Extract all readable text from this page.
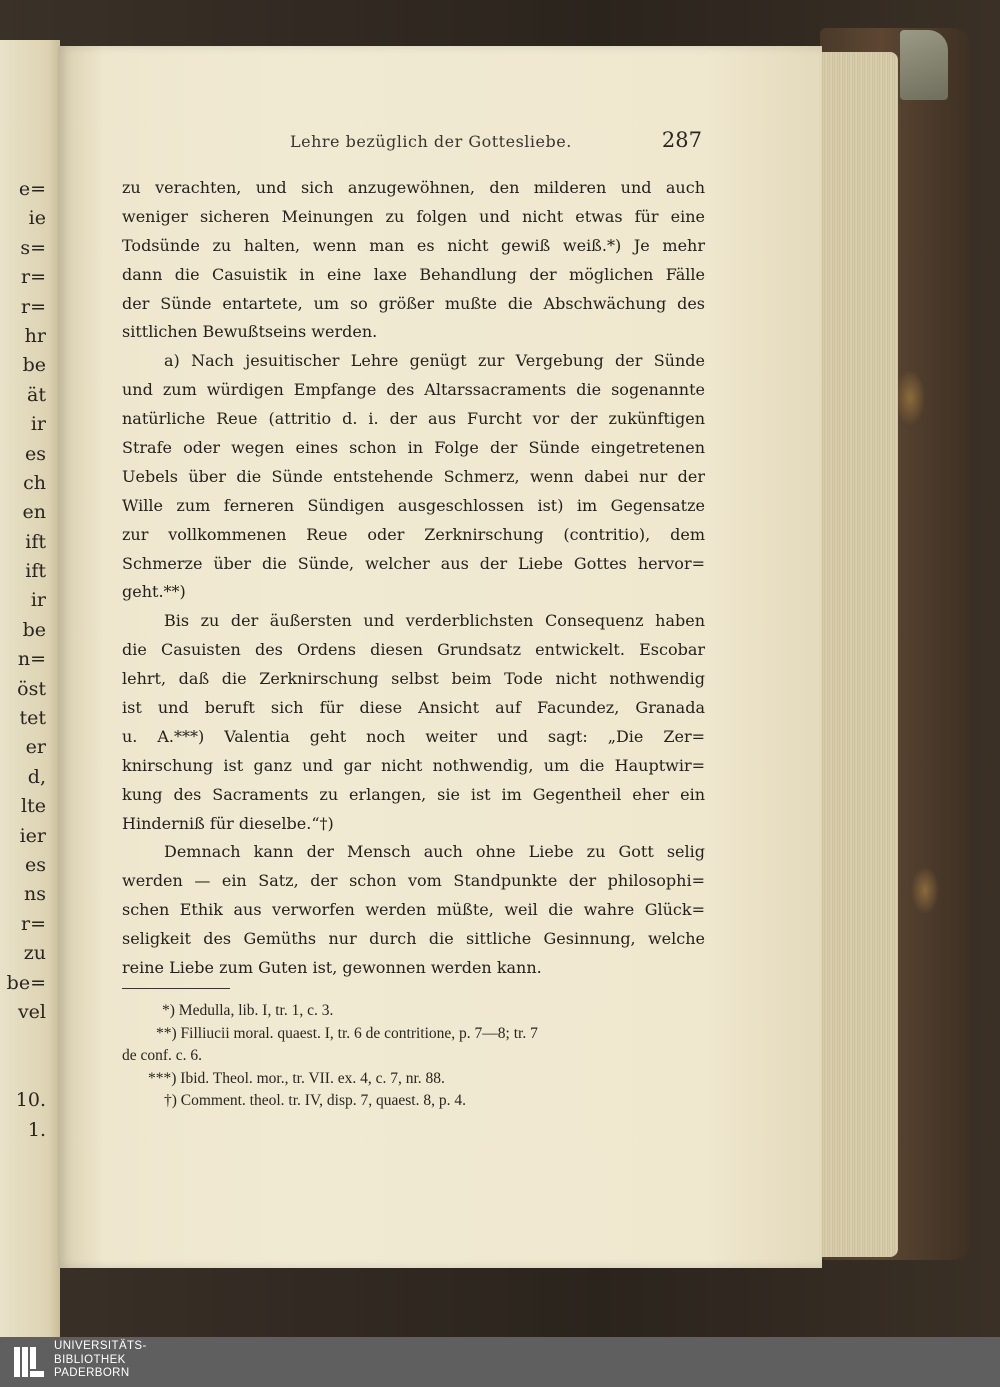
e=
ie
s=
r=
r=
hr
be
ät
ir
es
ch
en
ift
ift
ir
be
n=
öst
tet
er
d,
lte
ier
es
ns
r=
zu
be=
vel
10.
1.
Lehre bezüglich der Gottesliebe.	287
zu verachten, und sich anzugewöhnen, den milderen und auch
weniger sicheren Meinungen zu folgen und nicht etwas für eine
Todsünde zu halten, wenn man es nicht gewiß weiß.*) Je mehr
dann die Casuistik in eine laxe Behandlung der möglichen Fälle
der Sünde entartete, um so größer mußte die Abschwächung des
sittlichen Bewußtseins werden.
a) Nach jesuitischer Lehre genügt zur Vergebung der Sünde
und zum würdigen Empfange des Altarssacraments die sogenannte
natürliche Reue (attritio d. i. der aus Furcht vor der zukünftigen
Strafe oder wegen eines schon in Folge der Sünde eingetretenen
Uebels über die Sünde entstehende Schmerz, wenn dabei nur der
Wille zum ferneren Sündigen ausgeschlossen ist) im Gegensatze
zur vollkommenen Reue oder Zerknirschung (contritio), dem
Schmerze über die Sünde, welcher aus der Liebe Gottes hervor=
geht.**)
Bis zu der äußersten und verderblichsten Consequenz haben
die Casuisten des Ordens diesen Grundsatz entwickelt. Escobar
lehrt, daß die Zerknirschung selbst beim Tode nicht nothwendig
ist und beruft sich für diese Ansicht auf Facundez, Granada
u. A.***) Valentia geht noch weiter und sagt: „Die Zer=
knirschung ist ganz und gar nicht nothwendig, um die Hauptwir=
kung des Sacraments zu erlangen, sie ist im Gegentheil eher ein
Hinderniß für dieselbe.“†)
Demnach kann der Mensch auch ohne Liebe zu Gott selig
werden — ein Satz, der schon vom Standpunkte der philosophi=
schen Ethik aus verworfen werden müßte, weil die wahre Glück=
seligkeit des Gemüths nur durch die sittliche Gesinnung, welche
reine Liebe zum Guten ist, gewonnen werden kann.
*) Medulla, lib. I, tr. 1, c. 3.
**) Filliucii moral. quaest. I, tr. 6 de contritione, p. 7—8; tr. 7
de conf. c. 6.
***) Ibid. Theol. mor., tr. VII. ex. 4, c. 7, nr. 88.
†) Comment. theol. tr. IV, disp. 7, quaest. 8, p. 4.
UNIVERSITÄTS-
BIBLIOTHEK
PADERBORN
